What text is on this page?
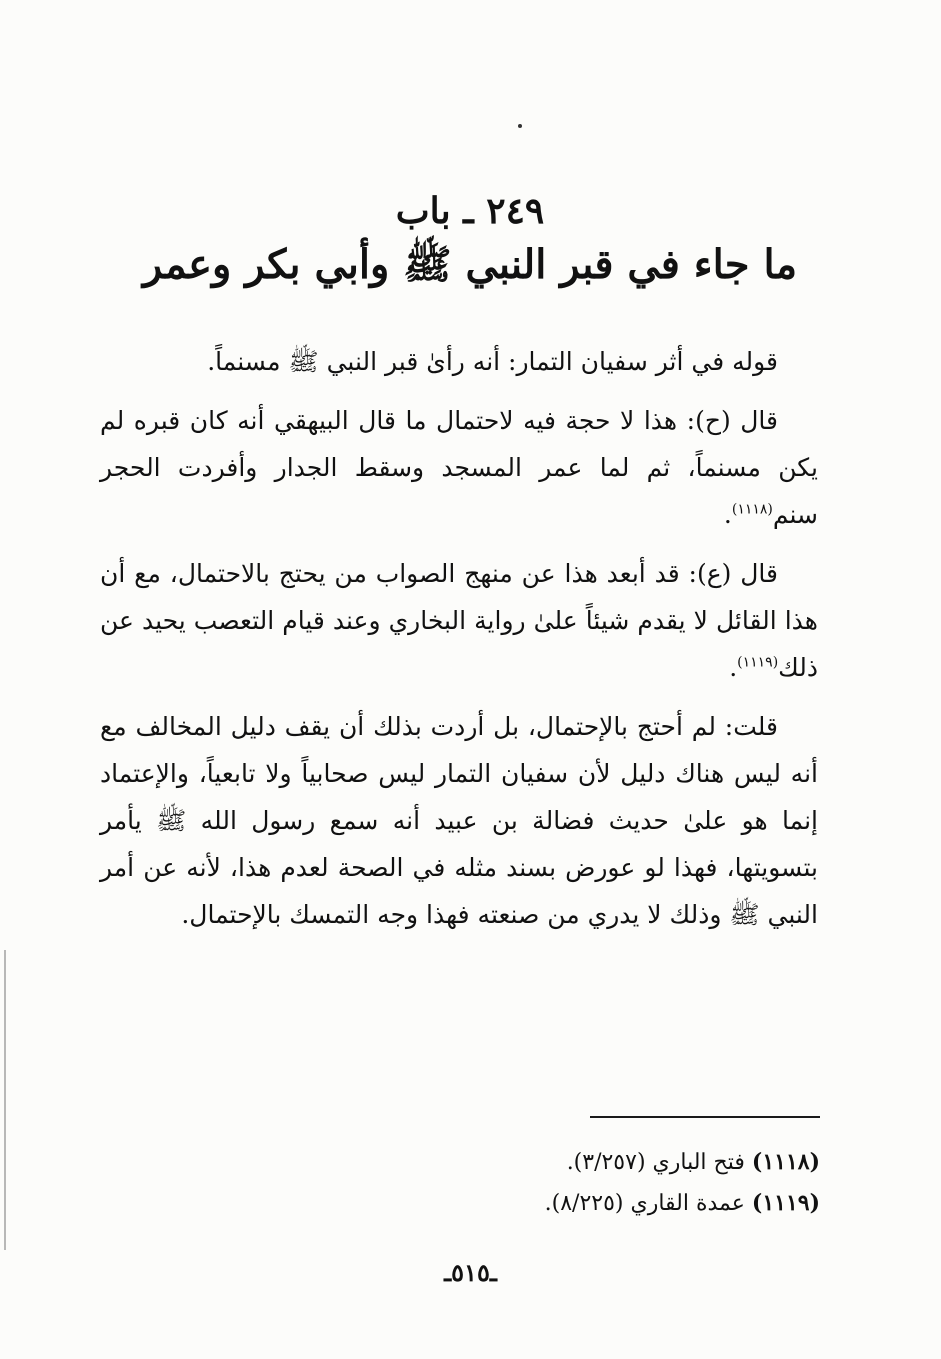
٢٤٩ ـ باب
ما جاء في قبر النبي ﷺ وأبي بكر وعمر

قوله في أثر سفيان التمار: أنه رأىٰ قبر النبي ﷺ مسنماً.

قال (ح): هذا لا حجة فيه لاحتمال ما قال البيهقي أنه كان قبره لم يكن مسنماً، ثم لما عمر المسجد وسقط الجدار وأفردت الحجر سنم$^{(١١١٨)}$.

قال (ع): قد أبعد هذا عن منهج الصواب من يحتج بالاحتمال، مع أن هذا القائل لا يقدم شيئاً علىٰ رواية البخاري وعند قيام التعصب يحيد عن ذلك$^{(١١١٩)}$.

قلت: لم أحتج بالإحتمال، بل أردت بذلك أن يقف دليل المخالف مع أنه ليس هناك دليل لأن سفيان التمار ليس صحابياً ولا تابعياً، والإعتماد إنما هو علىٰ حديث فضالة بن عبيد أنه سمع رسول الله ﷺ يأمر بتسويتها، فهذا لو عورض بسند مثله في الصحة لعدم هذا، لأنه عن أمر النبي ﷺ وذلك لا يدري من صنعته فهذا وجه التمسك بالإحتمال.

(١١١٨) فتح الباري (٣/٢٥٧).
(١١١٩) عمدة القاري (٨/٢٢٥).
ـ٥١٥ـ
